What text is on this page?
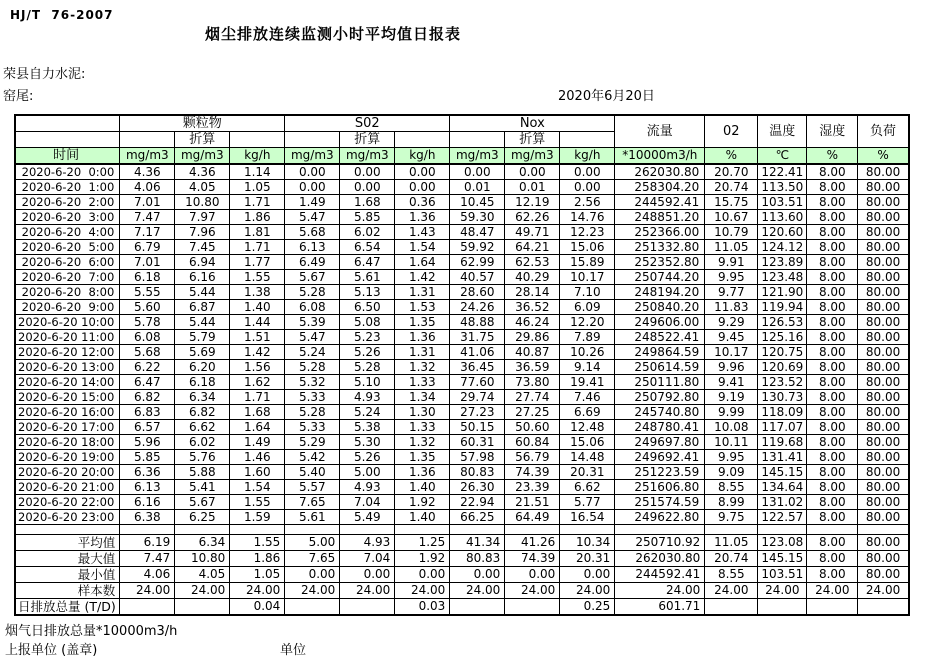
HJ/T  76-2007
烟尘排放连续监测小时平均值日报表
荣县自力水泥:
窑尾:	2020年6月20日
	颗粒物			S02			Nox			流量	02	温度	湿度	负荷
		折算			折算			折算						
时间	mg/m3	mg/m3	kg/h	mg/m3	mg/m3	kg/h	mg/m3	mg/m3	kg/h	*10000m3/h	%	℃	%	%
2020-6-20  0:00	4.36	4.36	1.14	0.00	0.00	0.00	0.00	0.00	0.00	262030.80	20.70	122.41	8.00	80.00
2020-6-20  1:00	4.06	4.05	1.05	0.00	0.00	0.00	0.01	0.01	0.00	258304.20	20.74	113.50	8.00	80.00
2020-6-20  2:00	7.01	10.80	1.71	1.49	1.68	0.36	10.45	12.19	2.56	244592.41	15.75	103.51	8.00	80.00
2020-6-20  3:00	7.47	7.97	1.86	5.47	5.85	1.36	59.30	62.26	14.76	248851.20	10.67	113.60	8.00	80.00
2020-6-20  4:00	7.17	7.96	1.81	5.68	6.02	1.43	48.47	49.71	12.23	252366.00	10.79	120.60	8.00	80.00
2020-6-20  5:00	6.79	7.45	1.71	6.13	6.54	1.54	59.92	64.21	15.06	251332.80	11.05	124.12	8.00	80.00
2020-6-20  6:00	7.01	6.94	1.77	6.49	6.47	1.64	62.99	62.53	15.89	252352.80	9.91	123.89	8.00	80.00
2020-6-20  7:00	6.18	6.16	1.55	5.67	5.61	1.42	40.57	40.29	10.17	250744.20	9.95	123.48	8.00	80.00
2020-6-20  8:00	5.55	5.44	1.38	5.28	5.13	1.31	28.60	28.14	7.10	248194.20	9.77	121.90	8.00	80.00
2020-6-20  9:00	5.60	6.87	1.40	6.08	6.50	1.53	24.26	36.52	6.09	250840.20	11.83	119.94	8.00	80.00
2020-6-20 10:00	5.78	5.44	1.44	5.39	5.08	1.35	48.88	46.24	12.20	249606.00	9.29	126.53	8.00	80.00
2020-6-20 11:00	6.08	5.79	1.51	5.47	5.23	1.36	31.75	29.86	7.89	248522.41	9.45	125.16	8.00	80.00
2020-6-20 12:00	5.68	5.69	1.42	5.24	5.26	1.31	41.06	40.87	10.26	249864.59	10.17	120.75	8.00	80.00
2020-6-20 13:00	6.22	6.20	1.56	5.28	5.28	1.32	36.45	36.59	9.14	250614.59	9.96	120.69	8.00	80.00
2020-6-20 14:00	6.47	6.18	1.62	5.32	5.10	1.33	77.60	73.80	19.41	250111.80	9.41	123.52	8.00	80.00
2020-6-20 15:00	6.82	6.34	1.71	5.33	4.93	1.34	29.74	27.74	7.46	250792.80	9.19	130.73	8.00	80.00
2020-6-20 16:00	6.83	6.82	1.68	5.28	5.24	1.30	27.23	27.25	6.69	245740.80	9.99	118.09	8.00	80.00
2020-6-20 17:00	6.57	6.62	1.64	5.33	5.38	1.33	50.15	50.60	12.48	248780.41	10.08	117.07	8.00	80.00
2020-6-20 18:00	5.96	6.02	1.49	5.29	5.30	1.32	60.31	60.84	15.06	249697.80	10.11	119.68	8.00	80.00
2020-6-20 19:00	5.85	5.76	1.46	5.42	5.26	1.35	57.98	56.79	14.48	249692.41	9.95	131.41	8.00	80.00
2020-6-20 20:00	6.36	5.88	1.60	5.40	5.00	1.36	80.83	74.39	20.31	251223.59	9.09	145.15	8.00	80.00
2020-6-20 21:00	6.13	5.41	1.54	5.57	4.93	1.40	26.30	23.39	6.62	251606.80	8.55	134.64	8.00	80.00
2020-6-20 22:00	6.16	5.67	1.55	7.65	7.04	1.92	22.94	21.51	5.77	251574.59	8.99	131.02	8.00	80.00
2020-6-20 23:00	6.38	6.25	1.59	5.61	5.49	1.40	66.25	64.49	16.54	249622.80	9.75	122.57	8.00	80.00

平均值	6.19	6.34	1.55	5.00	4.93	1.25	41.34	41.26	10.34	250710.92	11.05	123.08	8.00	80.00
最大值	7.47	10.80	1.86	7.65	7.04	1.92	80.83	74.39	20.31	262030.80	20.74	145.15	8.00	80.00
最小值	4.06	4.05	1.05	0.00	0.00	0.00	0.00	0.00	0.00	244592.41	8.55	103.51	8.00	80.00
样本数	24.00	24.00	24.00	24.00	24.00	24.00	24.00	24.00	24.00	24.00	24.00	24.00	24.00	24.00
日排放总量 (T/D)			0.04			0.03			0.25	601.71				
烟气日排放总量*10000m3/h
上报单位 (盖章)	单位
